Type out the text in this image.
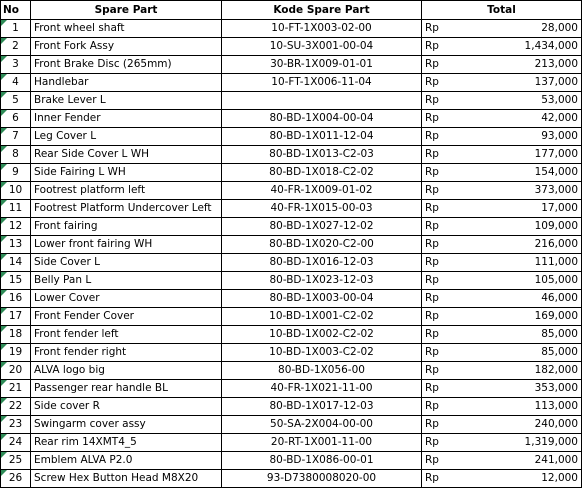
No	Spare Part	Kode Spare Part	Total	

1	Front wheel shaft	10-FT-1X003-02-00	Rp	28,000

2	Front Fork Assy	10-SU-3X001-00-04	Rp	1,434,000

3	Front Brake Disc (265mm)	30-BR-1X009-01-01	Rp	213,000

4	Handlebar	10-FT-1X006-11-04	Rp	137,000

5	Brake Lever L		Rp	53,000

6	Inner Fender	80-BD-1X004-00-04	Rp	42,000

7	Leg Cover L	80-BD-1X011-12-04	Rp	93,000

8	Rear Side Cover L WH	80-BD-1X013-C2-03	Rp	177,000

9	Side Fairing L WH	80-BD-1X018-C2-02	Rp	154,000

10	Footrest platform left	40-FR-1X009-01-02	Rp	373,000

11	Footrest Platform Undercover Left	40-FR-1X015-00-03	Rp	17,000

12	Front fairing	80-BD-1X027-12-02	Rp	109,000

13	Lower front fairing WH	80-BD-1X020-C2-00	Rp	216,000

14	Side Cover L	80-BD-1X016-12-03	Rp	111,000

15	Belly Pan L	80-BD-1X023-12-03	Rp	105,000

16	Lower Cover	80-BD-1X003-00-04	Rp	46,000

17	Front Fender Cover	10-BD-1X001-C2-02	Rp	169,000

18	Front fender left	10-BD-1X002-C2-02	Rp	85,000

19	Front fender right	10-BD-1X003-C2-02	Rp	85,000

20	ALVA logo big	80-BD-1X056-00	Rp	182,000

21	Passenger rear handle BL	40-FR-1X021-11-00	Rp	353,000

22	Side cover R	80-BD-1X017-12-03	Rp	113,000

23	Swingarm cover assy	50-SA-2X004-00-00	Rp	240,000

24	Rear rim 14XMT4_5	20-RT-1X001-11-00	Rp	1,319,000

25	Emblem ALVA P2.0	80-BD-1X086-00-01	Rp	241,000

26	Screw Hex Button Head M8X20	93-D7380008020-00	Rp	12,000
